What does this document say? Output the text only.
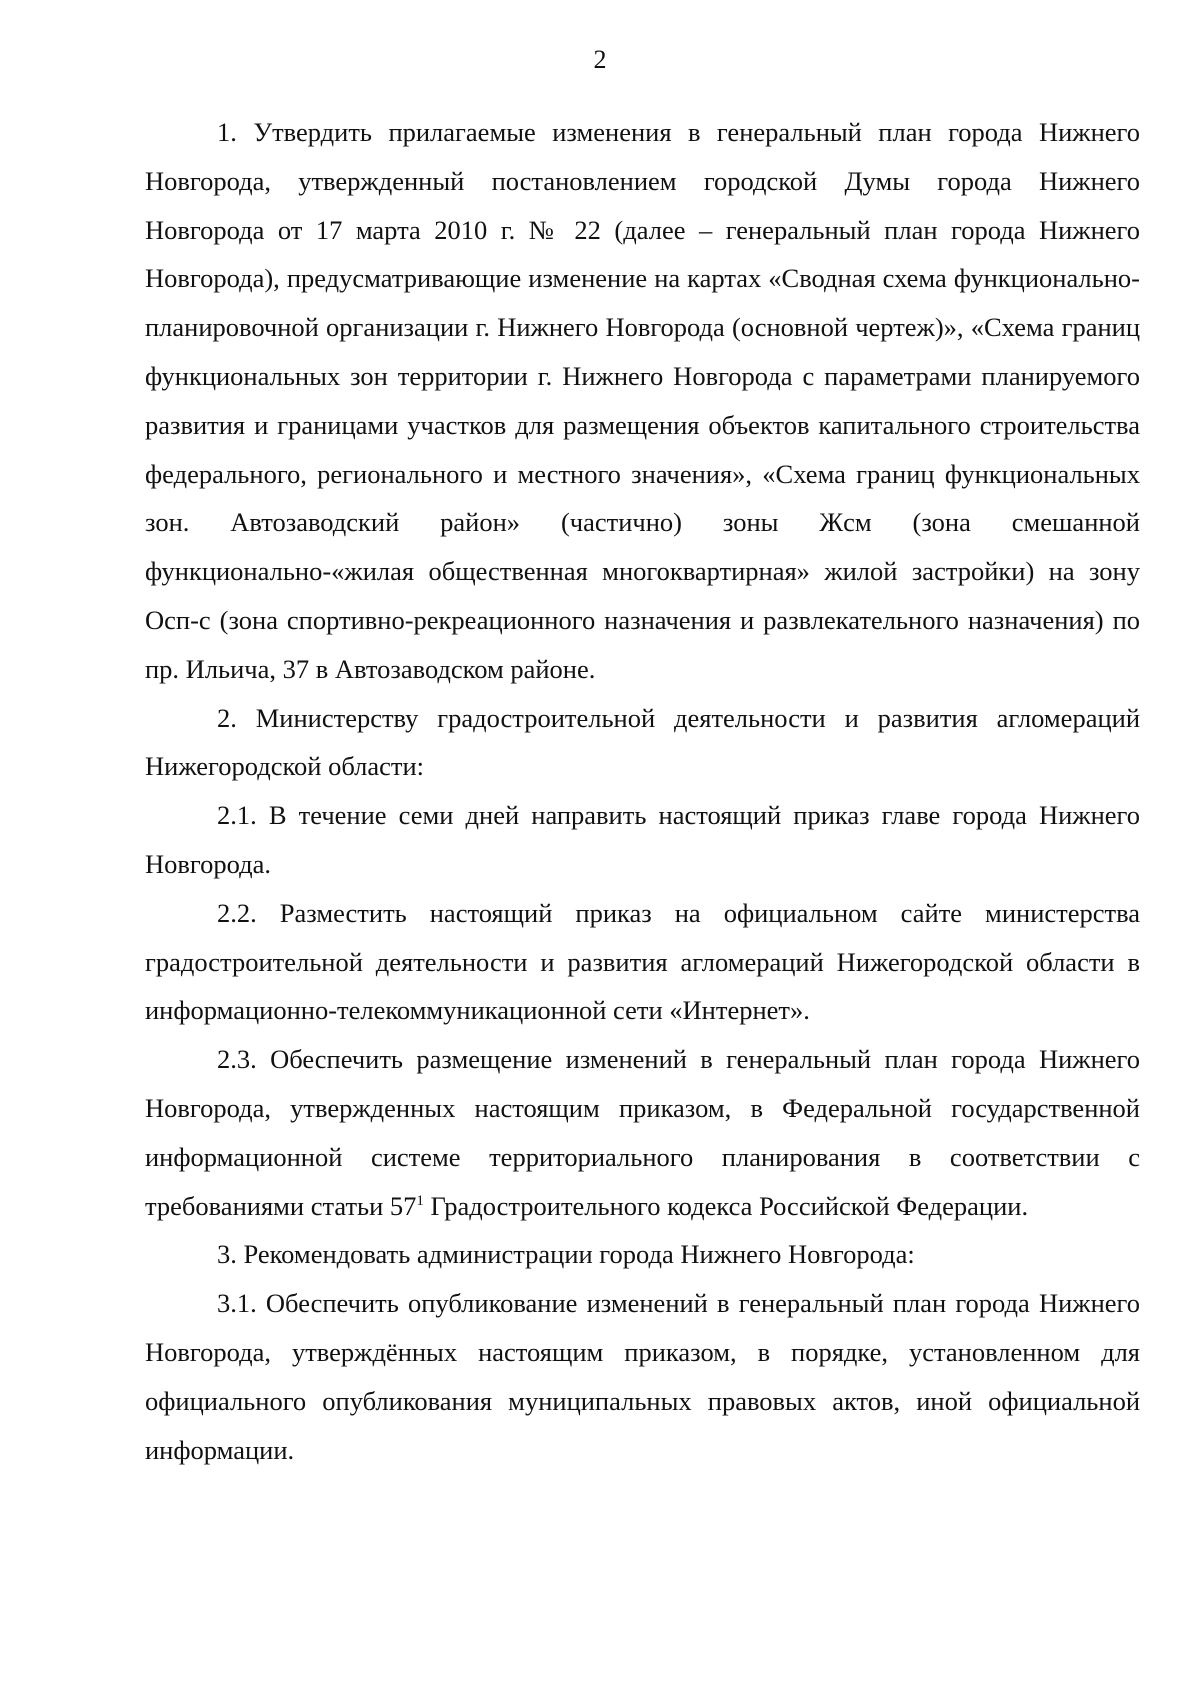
2

1. Утвердить прилагаемые изменения в генеральный план города Нижнего Новгорода, утвержденный постановлением городской Думы города Нижнего Новгорода от 17 марта 2010 г. № 22 (далее – генеральный план города Нижнего Новгорода), предусматривающие изменение на картах «Сводная схема функционально-планировочной организации г. Нижнего Новгорода (основной чертеж)», «Схема границ функциональных зон территории г. Нижнего Новгорода с параметрами планируемого развития и границами участков для размещения объектов капитального строительства федерального, регионального и местного значения», «Схема границ функциональных зон. Автозаводский район» (частично) зоны Жсм (зона смешанной функционально-«жилая общественная многоквартирная» жилой застройки) на зону Осп-с (зона спортивно-рекреационного назначения и развлекательного назначения) по пр. Ильича, 37 в Автозаводском районе.

2. Министерству градостроительной деятельности и развития агломераций Нижегородской области:

2.1. В течение семи дней направить настоящий приказ главе города Нижнего Новгорода.

2.2. Разместить настоящий приказ на официальном сайте министерства градостроительной деятельности и развития агломераций Нижегородской области в информационно-телекоммуникационной сети «Интернет».

2.3. Обеспечить размещение изменений в генеральный план города Нижнего Новгорода, утвержденных настоящим приказом, в Федеральной государственной информационной системе территориального планирования в соответствии с требованиями статьи $57^1$ Градостроительного кодекса Российской Федерации.

3. Рекомендовать администрации города Нижнего Новгорода:

3.1. Обеспечить опубликование изменений в генеральный план города Нижнего Новгорода, утверждённых настоящим приказом, в порядке, установленном для официального опубликования муниципальных правовых актов, иной официальной информации.
